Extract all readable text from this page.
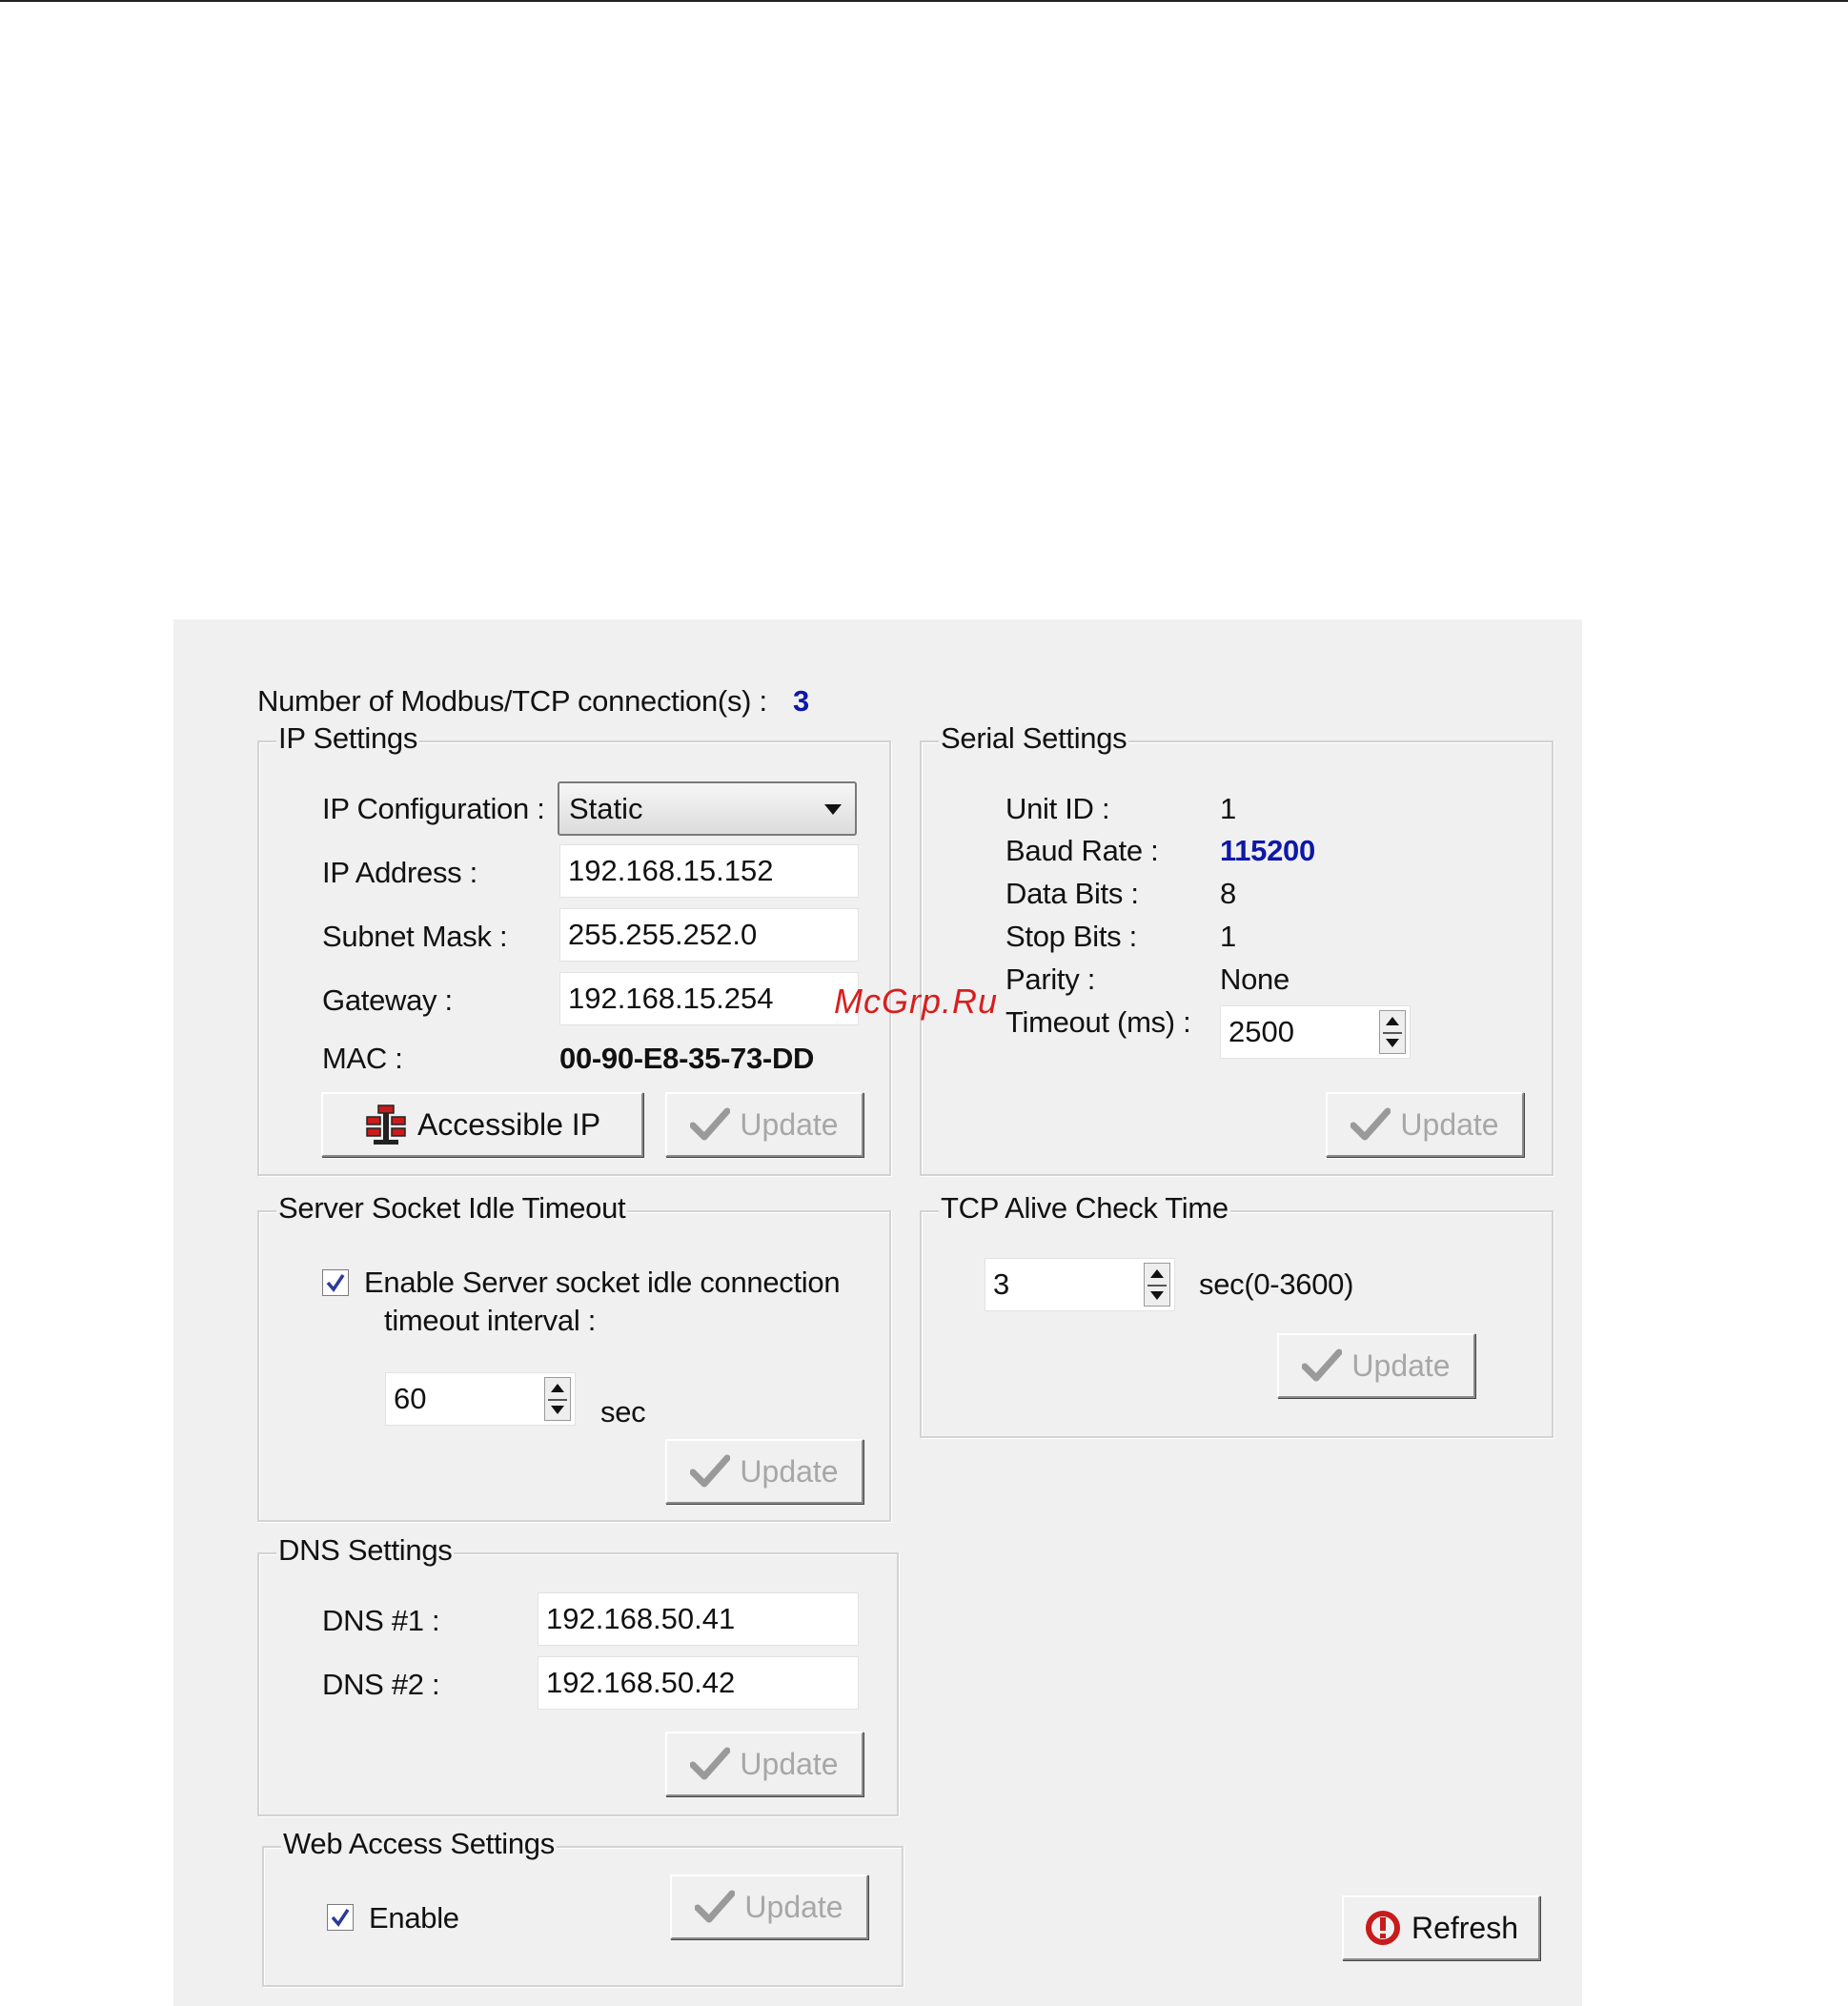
Number of Modbus/TCP connection(s) : 3
IP Settings
IP Configuration : Static
IP Address :	192.168.15.152
Subnet Mask : 255.255.252.0
Gateway :	192.168.15.254
MAC :	00-90-E8-35-73-DD
Accessible IP	Update
Serial Settings
Unit ID :	1
Baud Rate : 115200
Data Bits :	8
Stop Bits :	1
Parity :	None
Timeout (ms) : 2500
Update
Server Socket Idle Timeout
Enable Server socket idle connection
timeout interval :
60	sec
Update
TCP Alive Check Time
3	sec(0-3600)
Update
DNS Settings
DNS #1 :	192.168.50.41
DNS #2 :	192.168.50.42
Update
Web Access Settings
Enable	Update
Refresh
McGrp.Ru
